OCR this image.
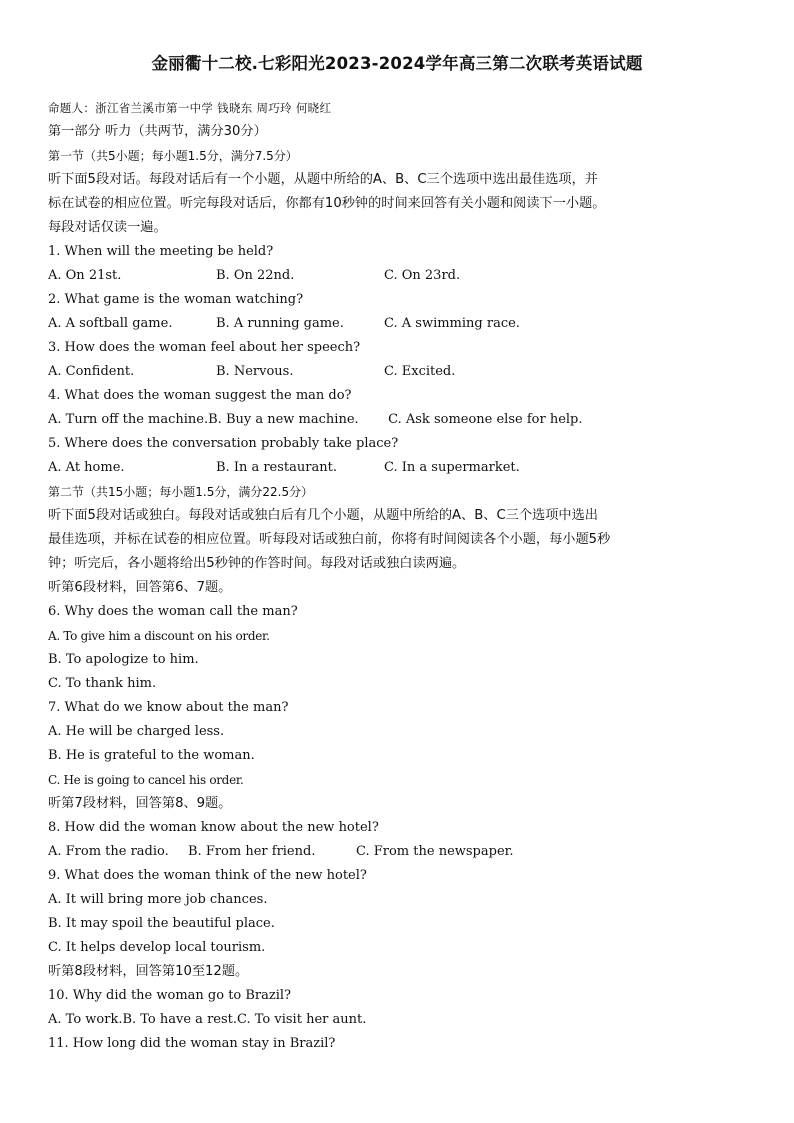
金丽衢十二校.七彩阳光2023-2024学年高三第二次联考英语试题
命题人：浙江省兰溪市第一中学 钱晓东 周巧玲 何晓红
第一部分 听力（共两节，满分30分）
第一节（共5小题；每小题1.5分，满分7.5分）
听下面5段对话。每段对话后有一个小题，从题中所给的A、B、C三个选项中选出最佳选项，并
标在试卷的相应位置。听完每段对话后，你都有10秒钟的时间来回答有关小题和阅读下一小题。
每段对话仅读一遍。
1. When will the meeting be held?
A. On 21st.	B. On 22nd.	C. On 23rd.
2. What game is the woman watching?
A. A softball game.	B. A running game.	C. A swimming race.
3. How does the woman feel about her speech?
A. Confident.	B. Nervous.	C. Excited.
4. What does the woman suggest the man do?
A. Turn off the machine. B. Buy a new machine.	C. Ask someone else for help.
5. Where does the conversation probably take place?
A. At home.	B. In a restaurant.	C. In a supermarket.
第二节（共15小题；每小题1.5分，满分22.5分）
听下面5段对话或独白。每段对话或独白后有几个小题，从题中所给的A、B、C三个选项中选出
最佳选项，并标在试卷的相应位置。听每段对话或独白前，你将有时间阅读各个小题，每小题5秒
钟；听完后，各小题将给出5秒钟的作答时间。每段对话或独白读两遍。
听第6段材料，回答第6、7题。
6. Why does the woman call the man?
A. To give him a discount on his order.
B. To apologize to him.
C. To thank him.
7. What do we know about the man?
A. He will be charged less.
B. He is grateful to the woman.
C. He is going to cancel his order.
听第7段材料，回答第8、9题。
8. How did the woman know about the new hotel?
A. From the radio.	B. From her friend.	C. From the newspaper.
9. What does the woman think of the new hotel?
A. It will bring more job chances.
B. It may spoil the beautiful place.
C. It helps develop local tourism.
听第8段材料，回答第10至12题。
10. Why did the woman go to Brazil?
A. To work.B. To have a rest.C. To visit her aunt.
11. How long did the woman stay in Brazil?
